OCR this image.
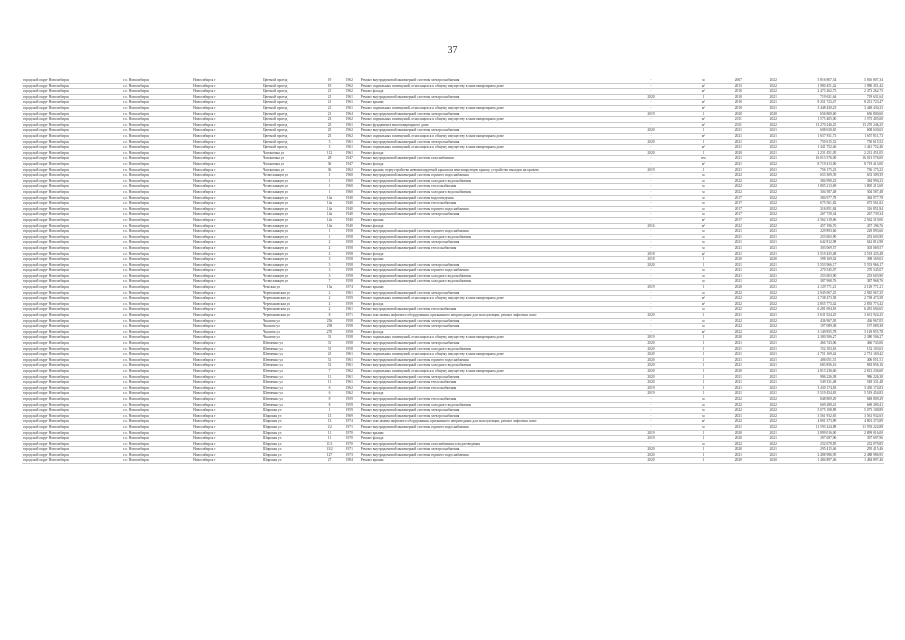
37
городской округ Новосибирск	г.о. Новосибирск	Новосибирск г	Цветной проезд	19	1962	Ремонт внутридомовой инженерной системы электроснабжения	-	м	2007	2022	5 816 807,34	5 816 807,34
городской округ Новосибирск	г.о. Новосибирск	Новосибирск г	Цветной проезд	19	1962	Ремонт подвальных помещений, относящихся к общему имуществу в многоквартирном доме	-	м²	2013	2022	1 980 451,42	1 980 451,42
городской округ Новосибирск	г.о. Новосибирск	Новосибирск г	Цветной проезд	21	1962	Ремонт фасада	-	м²	2010	2022	2 473 262,75	2 473 262,75
городской округ Новосибирск	г.о. Новосибирск	Новосибирск г	Цветной проезд	21	1961	Ремонт внутридомовой инженерной системы электроснабжения	2020	1	2010	2021	719 631,64	719 631,64
городской округ Новосибирск	г.о. Новосибирск	Новосибирск г	Цветной проезд	21	1961	Ремонт крыши	-	м²	2010	2021	8 251 723,47	8 251 723,47
городской округ Новосибирск	г.о. Новосибирск	Новосибирск г	Цветной проезд	21	1961	Ремонт подвальных помещений, относящихся к общему имуществу в многоквартирном доме	-	м²	2010	2021	3 448 430,23	3 448 430,23
городской округ Новосибирск	г.о. Новосибирск	Новосибирск г	Цветной проезд	21	1964	Ремонт внутридомовой инженерной системы электроснабжения	2019	1	2020	2020	656 800,60	656 800,60
городской округ Новосибирск	г.о. Новосибирск	Новосибирск г	Цветной проезд	23	1962	Ремонт подвальных помещений, относящихся к общему имуществу в многоквартирном доме	-	м²	2011	2022	1 575 405,00	1 575 405,00
городской округ Новосибирск	г.о. Новосибирск	Новосибирск г	Цветной проезд	25	1961	Ремонт фундамента многоквартирного дома	-	м²	2011	2022	13 270 246,25	13 270 246,25
городской округ Новосибирск	г.о. Новосибирск	Новосибирск г	Цветной проезд	25	1962	Ремонт внутридомовой инженерной системы электроснабжения	2020	1	2021	2021	608 630,65	608 630,65
городской округ Новосибирск	г.о. Новосибирск	Новосибирск г	Цветной проезд	25	1962	Ремонт подвальных помещений, относящихся к общему имуществу в многоквартирном доме	-	м²	2021	2021	1 657 811,73	1 657 811,73
городской округ Новосибирск	г.о. Новосибирск	Новосибирск г	Цветной проезд	3	1961	Ремонт внутридомовой инженерной системы электроснабжения	2020	1	2021	2021	750 615,52	750 615,52
городской округ Новосибирск	г.о. Новосибирск	Новосибирск г	Цветной проезд	3	1961	Ремонт подвальных помещений, относящихся к общему имуществу в многоквартирном доме	-	м²	2021	2022	1 441 752,46	1 441 752,46
городской округ Новосибирск	г.о. Новосибирск	Новосибирск г	Чаплыгина ул	112	1961	Ремонт фасада	2020	1	2020	2021	2 231 451,05	2 231 451,05
городской округ Новосибирск	г.о. Новосибирск	Новосибирск г	Чаплыгина ул	28	1947	Ремонт внутридомовой инженерной системы газоснабжения	-	пм	2021	2021	16 013 576,00	16 013 576,00
городской округ Новосибирск	г.о. Новосибирск	Новосибирск г	Чаплыгина ул	36	1947	Ремонт фасада	-	м²	2021	2022	8 719 413,00	8 719 413,00
городской округ Новосибирск	г.о. Новосибирск	Новосибирск г	Чаплыгина ул	36	1962	Ремонт крыши, переустройство невентилируемой крыши на вентилируемую крышу, устройство выходов на кровлю	2019	1	2021	2021	756 175,23	756 175,23
городской округ Новосибирск	г.о. Новосибирск	Новосибирск г	Челюскинцев ул	1	1960	Ремонт внутридомовой инженерной системы горячего водоснабжения	-	м	2022	2022	653 309,39	653 309,39
городской округ Новосибирск	г.о. Новосибирск	Новосибирск г	Челюскинцев ул	1	1960	Ремонт внутридомовой инженерной системы холодного водоснабжения	-	м	2022	2022	384 990,23	384 990,23
городской округ Новосибирск	г.о. Новосибирск	Новосибирск г	Челюскинцев ул	1	1960	Ремонт внутридомовой инженерной системы теплоснабжения	-	м	2022	2022	1 805 213,69	1 805 213,69
городской округ Новосибирск	г.о. Новосибирск	Новосибирск г	Челюскинцев ул	1	1960	Ремонт внутридомовой инженерной системы холодного водоснабжения	-	м	2022	2022	304 587,48	304 587,48
городской округ Новосибирск	г.о. Новосибирск	Новосибирск г	Челюскинцев ул	14а	1940	Ремонт внутридомовой инженерной системы водоотведения	-	м	2017	2022	384 977,78	384 977,78
городской округ Новосибирск	г.о. Новосибирск	Новосибирск г	Челюскинцев ул	14а	1940	Ремонт внутридомовой инженерной системы теплоснабжения	-	м	2017	2022	675 561,82	675 561,82
городской округ Новосибирск	г.о. Новосибирск	Новосибирск г	Челюскинцев ул	14а	1940	Ремонт внутридомовой инженерной системы горячего водоснабжения	-	м	2017	2022	316 851,84	316 851,84
городской округ Новосибирск	г.о. Новосибирск	Новосибирск г	Челюскинцев ул	14а	1940	Ремонт внутридомовой инженерной системы электроснабжения	-	м	2017	2022	267 739,34	267 739,34
городской округ Новосибирск	г.о. Новосибирск	Новосибирск г	Челюскинцев ул	14а	1940	Ремонт крыши	-	м²	2017	2022	2 562 319,06	2 562 319,06
городской округ Новосибирск	г.о. Новосибирск	Новосибирск г	Челюскинцев ул	14а	1940	Ремонт фасада	2016	м²	2022	2022	457 196,76	457 196,76
городской округ Новосибирск	г.о. Новосибирск	Новосибирск г	Челюскинцев ул	1	1958	Ремонт внутридомовой инженерной системы горячего водоснабжения	-	м	2021	2021	229 893,66	229 893,66
городской округ Новосибирск	г.о. Новосибирск	Новосибирск г	Челюскинцев ул	1	1958	Ремонт внутридомовой инженерной системы холодного водоснабжения	-	м	2021	2021	253 603,90	253 603,90
городской округ Новосибирск	г.о. Новосибирск	Новосибирск г	Челюскинцев ул	2	1958	Ремонт внутридомовой инженерной системы электроснабжения	-	м	2021	2021	642 812,98	642 812,98
городской округ Новосибирск	г.о. Новосибирск	Новосибирск г	Челюскинцев ул	2	1958	Ремонт внутридомовой инженерной системы теплоснабжения	-	м	2021	2021	303 069,57	303 069,57
городской округ Новосибирск	г.о. Новосибирск	Новосибирск г	Челюскинцев ул	2	1958	Ремонт фасада	2018	м²	2021	2021	3 519 435,48	3 519 435,48
городской округ Новосибирск	г.о. Новосибирск	Новосибирск г	Челюскинцев ул	3	1958	Ремонт крыши	2018	1	2020	2020	398 169,02	398 169,02
городской округ Новосибирск	г.о. Новосибирск	Новосибирск г	Челюскинцев ул	3	1958	Ремонт внутридомовой инженерной системы электроснабжения	2020	1	2021	2021	5 553 966,17	5 553 966,17
городской округ Новосибирск	г.о. Новосибирск	Новосибирск г	Челюскинцев ул	3	1958	Ремонт внутридомовой инженерной системы горячего водоснабжения	-	м	2021	2021	270 545,07	270 545,07
городской округ Новосибирск	г.о. Новосибирск	Новосибирск г	Челюскинцев ул	3	1958	Ремонт внутридомовой инженерной системы холодного водоснабжения	-	м	2021	2021	253 603,90	253 603,90
городской округ Новосибирск	г.о. Новосибирск	Новосибирск г	Челюскинцев ул	7	1958	Ремонт внутридомовой инженерной системы холодного водоснабжения	-	м	2021	2022	387 968,76	387 968,76
городской округ Новосибирск	г.о. Новосибирск	Новосибирск г	Чемская ул	15а	1974	Ремонт крыши	2019	1	2020	2021	2 129 771,21	2 129 771,21
городской округ Новосибирск	г.о. Новосибирск	Новосибирск г	Черепановская ул	2	1961	Ремонт внутридомовой инженерной системы электроснабжения	-	м	2022	2022	2 945 067,25	2 945 067,25
городской округ Новосибирск	г.о. Новосибирск	Новосибирск г	Черепановская ул	2	1959	Ремонт подвальных помещений, относящихся к общему имуществу в многоквартирном доме	-	м²	2022	2022	2 738 473,58	2 738 473,58
городской округ Новосибирск	г.о. Новосибирск	Новосибирск г	Черепановская ул	2	1959	Ремонт фасада	-	м²	2022	2022	2 855 773,42	2 855 773,42
городской округ Новосибирск	г.о. Новосибирск	Новосибирск г	Черепановская ул	2	1961	Ремонт внутридомовой инженерной системы теплоснабжения	-	м	2022	2022	6 281 694,65	6 281 694,65
городской округ Новосибирск	г.о. Новосибирск	Новосибирск г	Черепановская ул	8	1971	Ремонт или замена лифтового оборудования, признанного непригодным для эксплуатации, ремонт лифтовых шахт	2020	1	2021	2021	3 631 924,25	3 631 924,25
городской округ Новосибирск	г.о. Новосибирск	Новосибирск г	Чкалова ул	256	1958	Ремонт внутридомовой инженерной системы электроснабжения	-	м	2022	2022	436 967,05	436 967,05
городской округ Новосибирск	г.о. Новосибирск	Новосибирск г	Чкалова ул	258	1958	Ремонт внутридомовой инженерной системы электроснабжения	-	м	2022	2022	197 089,38	197 089,38
городской округ Новосибирск	г.о. Новосибирск	Новосибирск г	Чкалова ул	270	1958	Ремонт фасада	-	м²	2022	2022	3 149 855,78	3 149 855,78
городской округ Новосибирск	г.о. Новосибирск	Новосибирск г	Чкалова ул	31	1958	Ремонт подвальных помещений, относящихся к общему имуществу в многоквартирном доме	2019	1	2020	2021	2 380 506,27	2 380 506,27
городской округ Новосибирск	г.о. Новосибирск	Новосибирск г	Шевченко ул	31	1958	Ремонт внутридомовой инженерной системы электроснабжения	2020	1	2021	2021	466 743,06	466 743,06
городской округ Новосибирск	г.о. Новосибирск	Новосибирск г	Шевченко ул	31	1958	Ремонт внутридомовой инженерной системы холодного водоснабжения	2020	1	2021	2021	152 103,63	152 103,63
городской округ Новосибирск	г.о. Новосибирск	Новосибирск г	Шевченко ул	23	1961	Ремонт подвальных помещений, относящихся к общему имуществу в многоквартирном доме	2020	1	2021	2021	2 751 169,42	2 751 169,42
городской округ Новосибирск	г.о. Новосибирск	Новосибирск г	Шевченко ул	31	1961	Ремонт внутридомовой инженерной системы горячего водоснабжения	2020	1	2021	2021	406 051,51	406 051,51
городской округ Новосибирск	г.о. Новосибирск	Новосибирск г	Шевченко ул	31	1961	Ремонт внутридомовой инженерной системы холодного водоснабжения	2020	1	2021	2021	683 856,16	683 856,16
городской округ Новосибирск	г.о. Новосибирск	Новосибирск г	Шевченко ул	7	1962	Ремонт подвальных помещений, относящихся к общему имуществу в многоквартирном доме	2020	1	2020	2021	2 813 236,60	2 813 236,60
городской округ Новосибирск	г.о. Новосибирск	Новосибирск г	Шевченко ул	11	1961	Ремонт внутридомовой инженерной системы электроснабжения	2020	1	2021	2021	986 226,38	986 226,38
городской округ Новосибирск	г.о. Новосибирск	Новосибирск г	Шевченко ул	11	1961	Ремонт внутридомовой инженерной системы теплоснабжения	2020	1	2021	2021	549 331,48	549 331,48
городской округ Новосибирск	г.о. Новосибирск	Новосибирск г	Шевченко ул	6	1962	Ремонт внутридомовой инженерной системы теплоснабжения	2019	1	2021	2021	3 430 174,83	3 430 174,83
городской округ Новосибирск	г.о. Новосибирск	Новосибирск г	Шевченко ул	6	1962	Ремонт фасада	2019	1	2021	2021	5 519 454,83	5 519 454,83
городской округ Новосибирск	г.о. Новосибирск	Новосибирск г	Шевченко ул	8	1959	Ремонт внутридомовой инженерной системы теплоснабжения	-	м	2022	2022	848 809,29	848 809,29
городской округ Новосибирск	г.о. Новосибирск	Новосибирск г	Шевченко ул	8	1959	Ремонт внутридомовой инженерной системы холодного водоснабжения	-	м	2022	2022	669 280,41	669 280,41
городской округ Новосибирск	г.о. Новосибирск	Новосибирск г	Широкая ул	1	1959	Ремонт внутридомовой инженерной системы электроснабжения	-	м	2022	2022	5 075 108,89	5 075 108,89
городской округ Новосибирск	г.о. Новосибирск	Новосибирск г	Широкая ул	13	1969	Ремонт внутридомовой инженерной системы электроснабжения	-	м	2021	2022	3 561 932,65	3 561 932,65
городской округ Новосибирск	г.о. Новосибирск	Новосибирск г	Широкая ул	13	1974	Ремонт или замена лифтового оборудования, признанного непригодным для эксплуатации, ремонт лифтовых шахт	-	м²	2022	2022	4 801 373,89	4 801 373,89
городской округ Новосибирск	г.о. Новосибирск	Новосибирск г	Широкая ул	1/2	1971	Ремонт внутридомовой инженерной системы горячего водоснабжения	-	м	2021	2022	11 593 224,88	11 593 224,88
городской округ Новосибирск	г.о. Новосибирск	Новосибирск г	Широкая ул	11	1970	Ремонт крыши	2019	1	2020	2021	2 899 016,00	2 899 016,00
городской округ Новосибирск	г.о. Новосибирск	Новосибирск г	Широкая ул	11	1970	Ремонт фасада	2019	1	2020	2021	397 697,96	397 697,96
городской округ Новосибирск	г.о. Новосибирск	Новосибирск г	Широкая ул	11/1	1970	Ремонт внутридомовой инженерной системы газоснабжения и водоотведения	-	м	2022	2022	252 079,85	252 079,85
городской округ Новосибирск	г.о. Новосибирск	Новосибирск г	Широкая ул	13/2	1971	Ремонт внутридомовой инженерной системы электроснабжения	2020	1	2020	2021	295 415,46	295 415,46
городской округ Новосибирск	г.о. Новосибирск	Новосибирск г	Широкая ул	127	1973	Ремонт внутридомовой инженерной системы горячего водоснабжения	2020	1	2021	2021	2 488 986,95	2 488 986,95
городской округ Новосибирск	г.о. Новосибирск	Новосибирск г	Широкая ул	27	1984	Ремонт крыши	2020	1	2020	2020	1 484 897,46	1 484 897,46
